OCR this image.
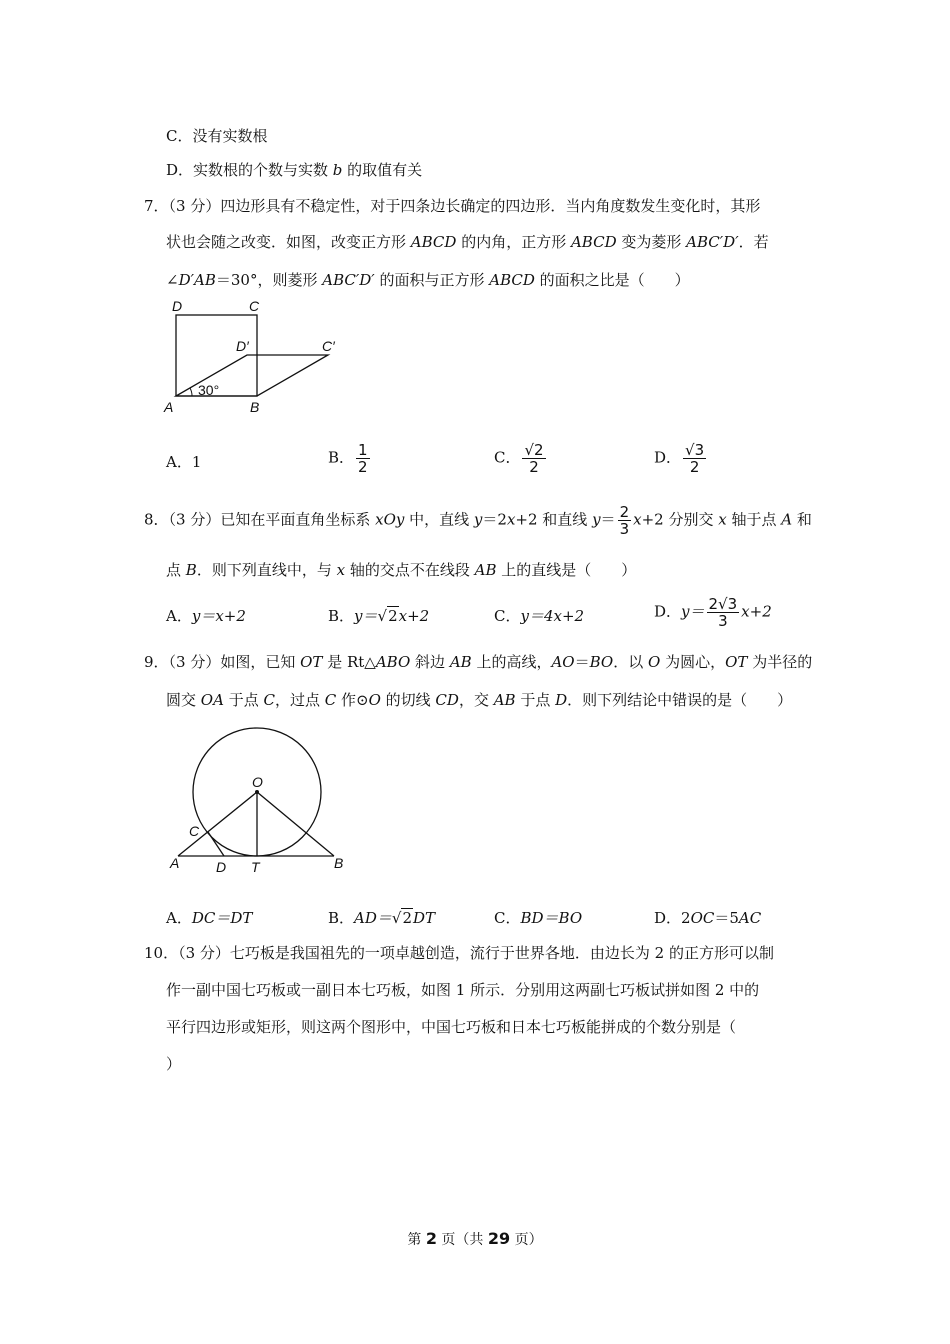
C．没有实数根
D．实数根的个数与实数 b 的取值有关
7．（3 分）四边形具有不稳定性，对于四条边长确定的四边形．当内角度数发生变化时，其形
状也会随之改变．如图，改变正方形 ABCD 的内角，正方形 ABCD 变为菱形 ABC′D′．若
∠D′AB＝30°，则菱形 ABC′D′ 的面积与正方形 ABCD 的面积之比是（　　）
D	C
D′	C′
A	B
30°
A．1	B． $\frac{1}{2}$	C． $\frac{√2}{2}$	D． $\frac{√3}{2}$
8．（3 分）已知在平面直角坐标系 xOy 中，直线 y＝2x+2 和直线 $y= \frac{2}{3} x+2$ 分别交 x 轴于点 A 和
点 B．则下列直线中，与 x 轴的交点不在线段 AB 上的直线是（　　）
A．y＝x+2	B．y＝√2x+2	C．y＝4x+2	D．$y= \frac{2√3}{3} x+2$
9．（3 分）如图，已知 OT 是 Rt△ABO 斜边 AB 上的高线，AO＝BO．以 O 为圆心，OT 为半径的
圆交 OA 于点 C，过点 C 作⊙O 的切线 CD，交 AB 于点 D．则下列结论中错误的是（　　）
O
C
A	D T	B
A．DC＝DT	B．AD＝√2DT	C．BD＝BO	D．2OC＝5AC
10．（3 分）七巧板是我国祖先的一项卓越创造，流行于世界各地．由边长为 2 的正方形可以制
作一副中国七巧板或一副日本七巧板，如图 1 所示．分别用这两副七巧板试拼如图 2 中的
平行四边形或矩形，则这两个图形中，中国七巧板和日本七巧板能拼成的个数分别是（
）
第 2 页（共 29 页）
